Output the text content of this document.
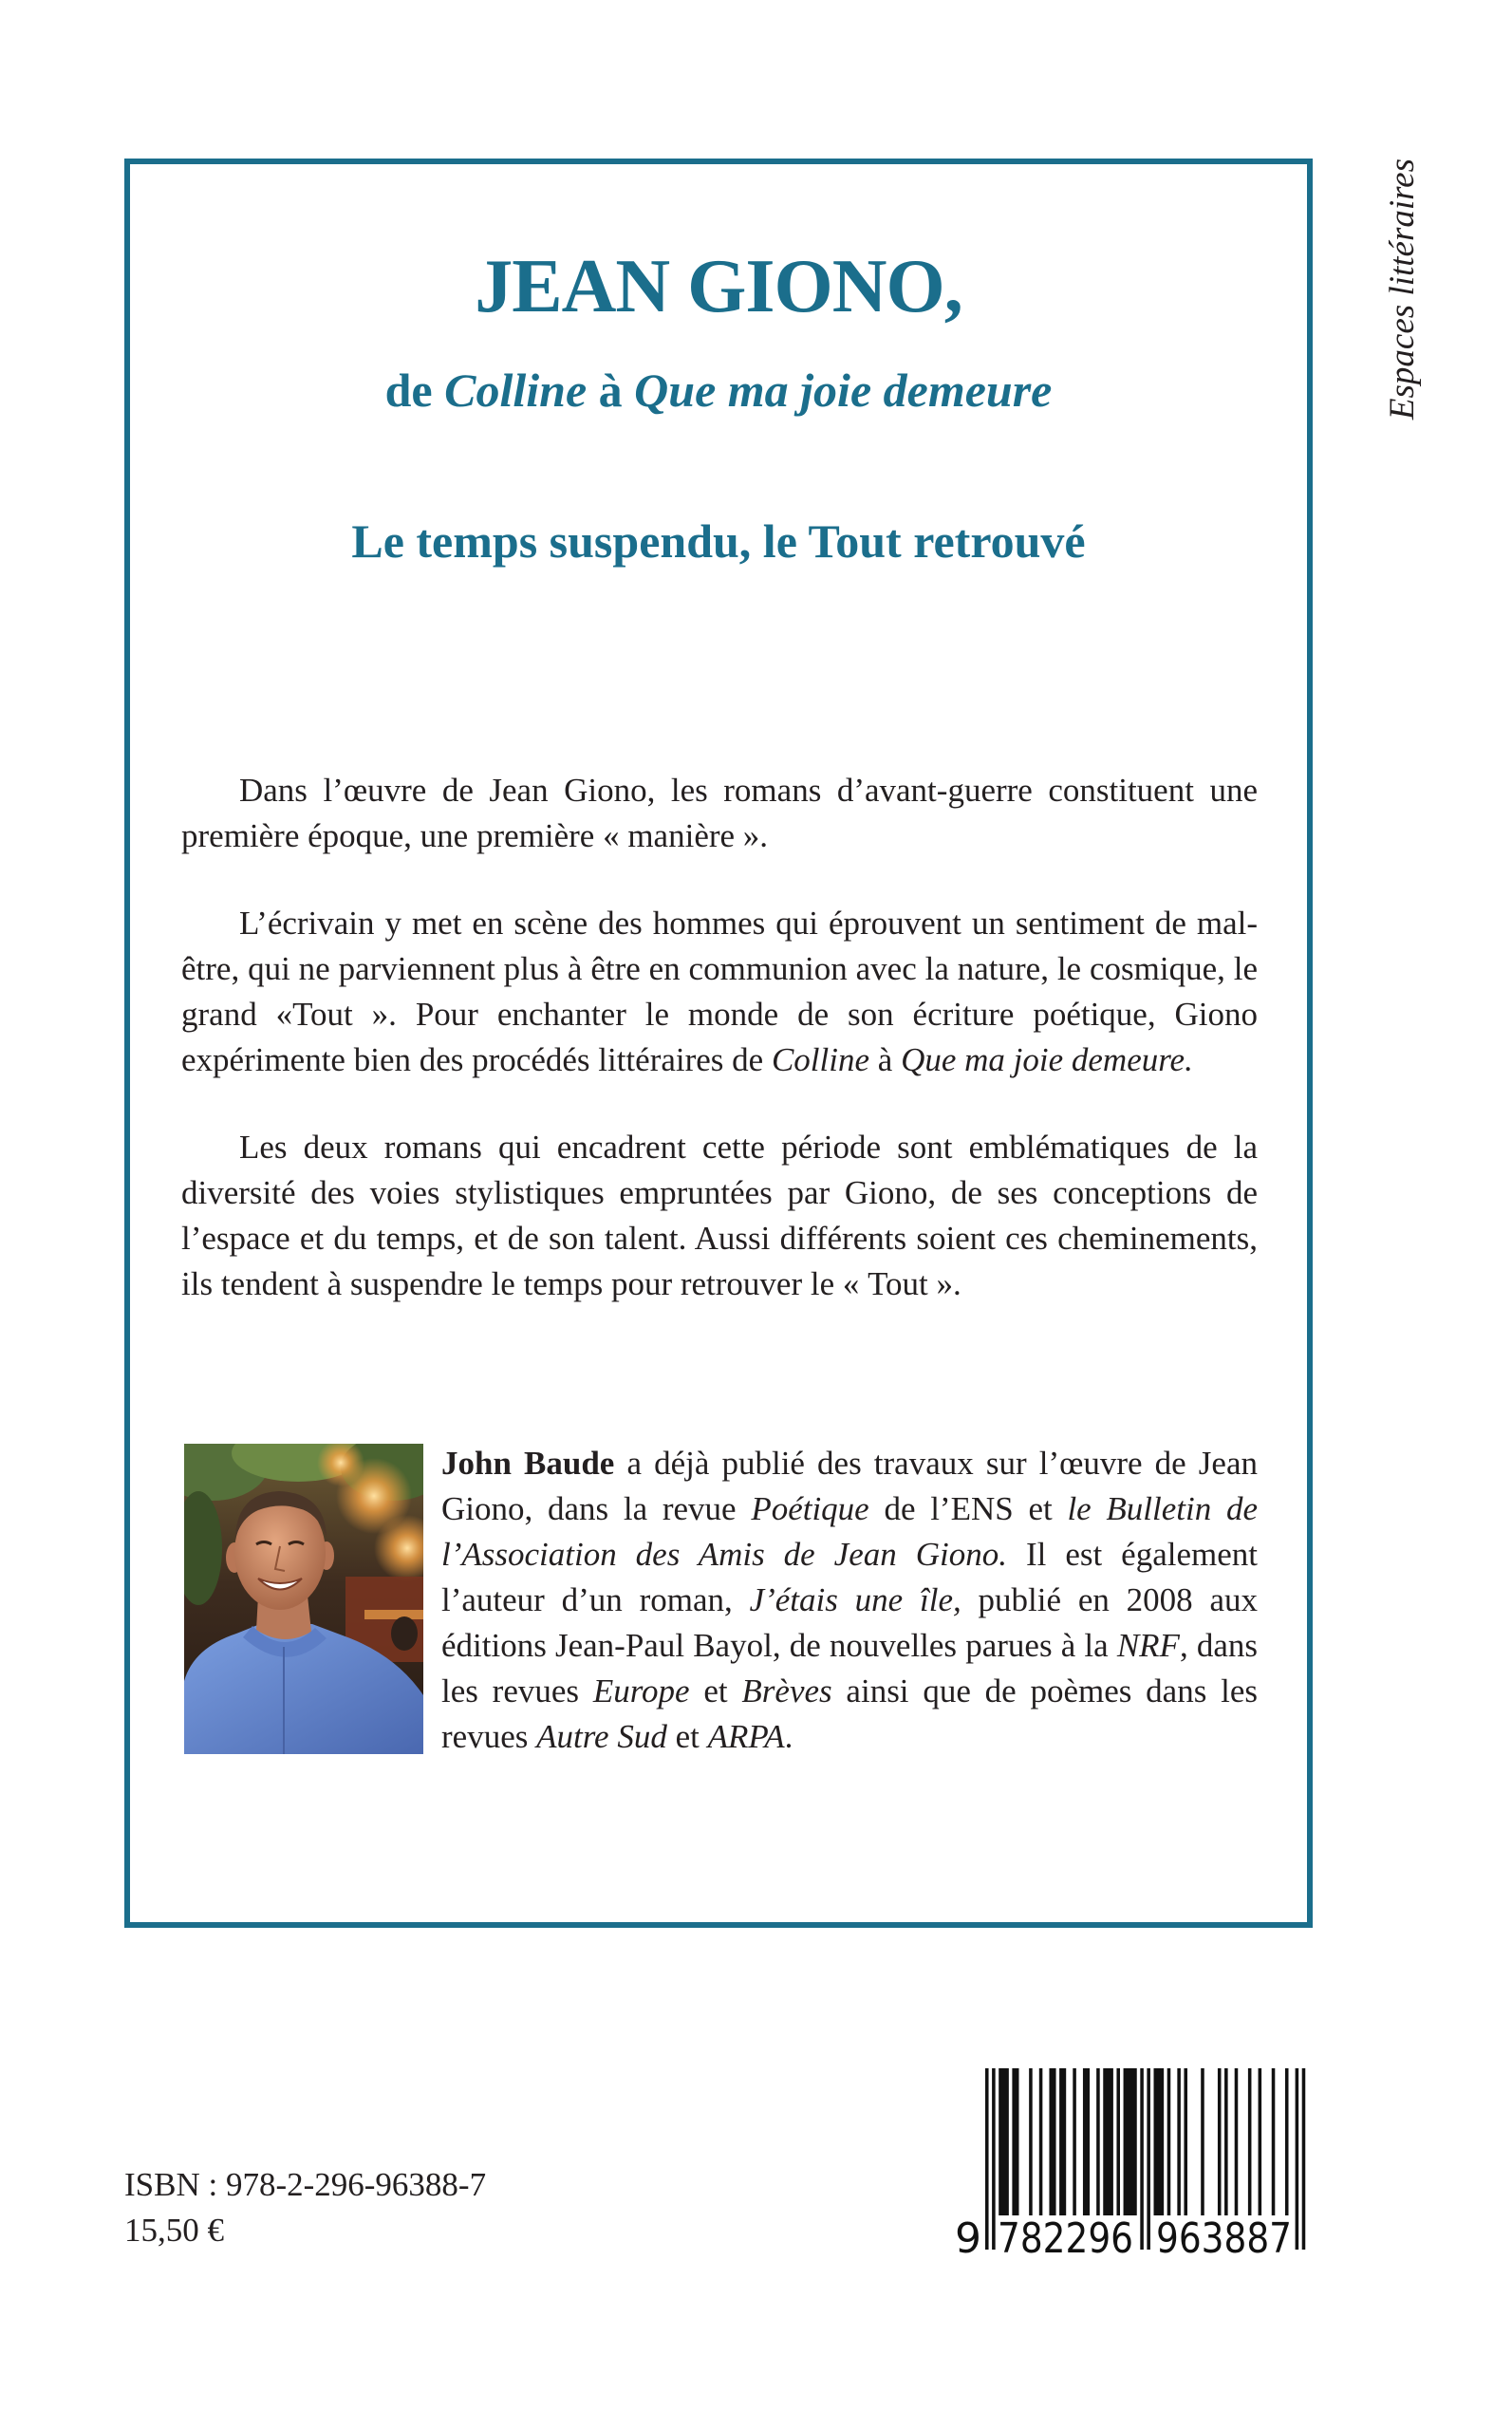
Espaces littéraires
JEAN GIONO,
de Colline à Que ma joie demeure
Le temps suspendu, le Tout retrouvé

Dans l’œuvre de Jean Giono, les romans d’avant-guerre constituent une première époque, une première « manière ».

L’écrivain y met en scène des hommes qui éprouvent un sentiment de mal-être, qui ne parviennent plus à être en communion avec la nature, le cosmique, le grand «Tout ». Pour enchanter le monde de son écriture poétique, Giono expérimente bien des procédés littéraires de Colline à Que ma joie demeure.

Les deux romans qui encadrent cette période sont emblématiques de la diversité des voies stylistiques empruntées par Giono, de ses conceptions de l’espace et du temps, et de son talent. Aussi différents soient ces cheminements, ils tendent à suspendre le temps pour retrouver le « Tout ».

John Baude a déjà publié des travaux sur l’œuvre de Jean Giono, dans la revue Poétique de l’ENS et le Bulletin de l’Association des Amis de Jean Giono. Il est également l’auteur d’un roman, J’étais une île, publié en 2008 aux éditions Jean-Paul Bayol, de nouvelles parues à la NRF, dans les revues Europe et Brèves ainsi que de poèmes dans les revues Autre Sud et ARPA.

ISBN : 978-2-296-96388-7
15,50 €	9 782296 963887
